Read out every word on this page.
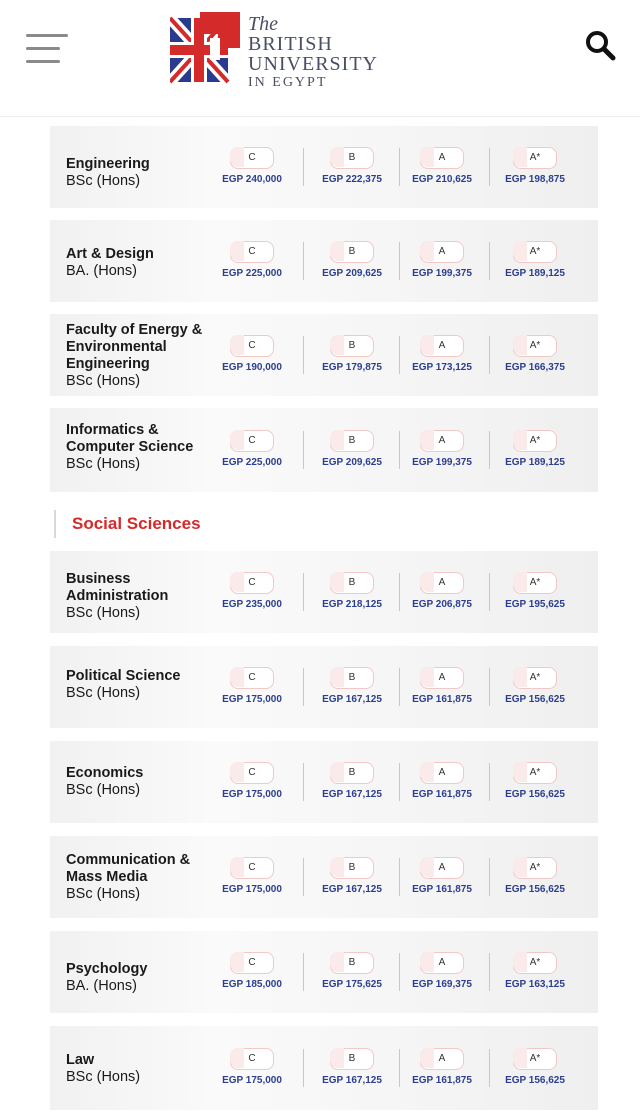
The
BRITISH
UNIVERSITY
IN EGYPT
Engineering
BSc (Hons)
C
EGP 240,000
B
EGP 222,375
A
EGP 210,625
A*
EGP 198,875
Art & Design
BA. (Hons)
C
EGP 225,000
B
EGP 209,625
A
EGP 199,375
A*
EGP 189,125
Faculty of Energy & Environmental Engineering
BSc (Hons)
C
EGP 190,000
B
EGP 179,875
A
EGP 173,125
A*
EGP 166,375
Informatics & Computer Science
BSc (Hons)
C
EGP 225,000
B
EGP 209,625
A
EGP 199,375
A*
EGP 189,125
Social Sciences
Business Administration
BSc (Hons)
C
EGP 235,000
B
EGP 218,125
A
EGP 206,875
A*
EGP 195,625
Political Science
BSc (Hons)
C
EGP 175,000
B
EGP 167,125
A
EGP 161,875
A*
EGP 156,625
Economics
BSc (Hons)
C
EGP 175,000
B
EGP 167,125
A
EGP 161,875
A*
EGP 156,625
Communication & Mass Media
BSc (Hons)
C
EGP 175,000
B
EGP 167,125
A
EGP 161,875
A*
EGP 156,625
Psychology
BA. (Hons)
C
EGP 185,000
B
EGP 175,625
A
EGP 169,375
A*
EGP 163,125
Law
BSc (Hons)
C
EGP 175,000
B
EGP 167,125
A
EGP 161,875
A*
EGP 156,625
